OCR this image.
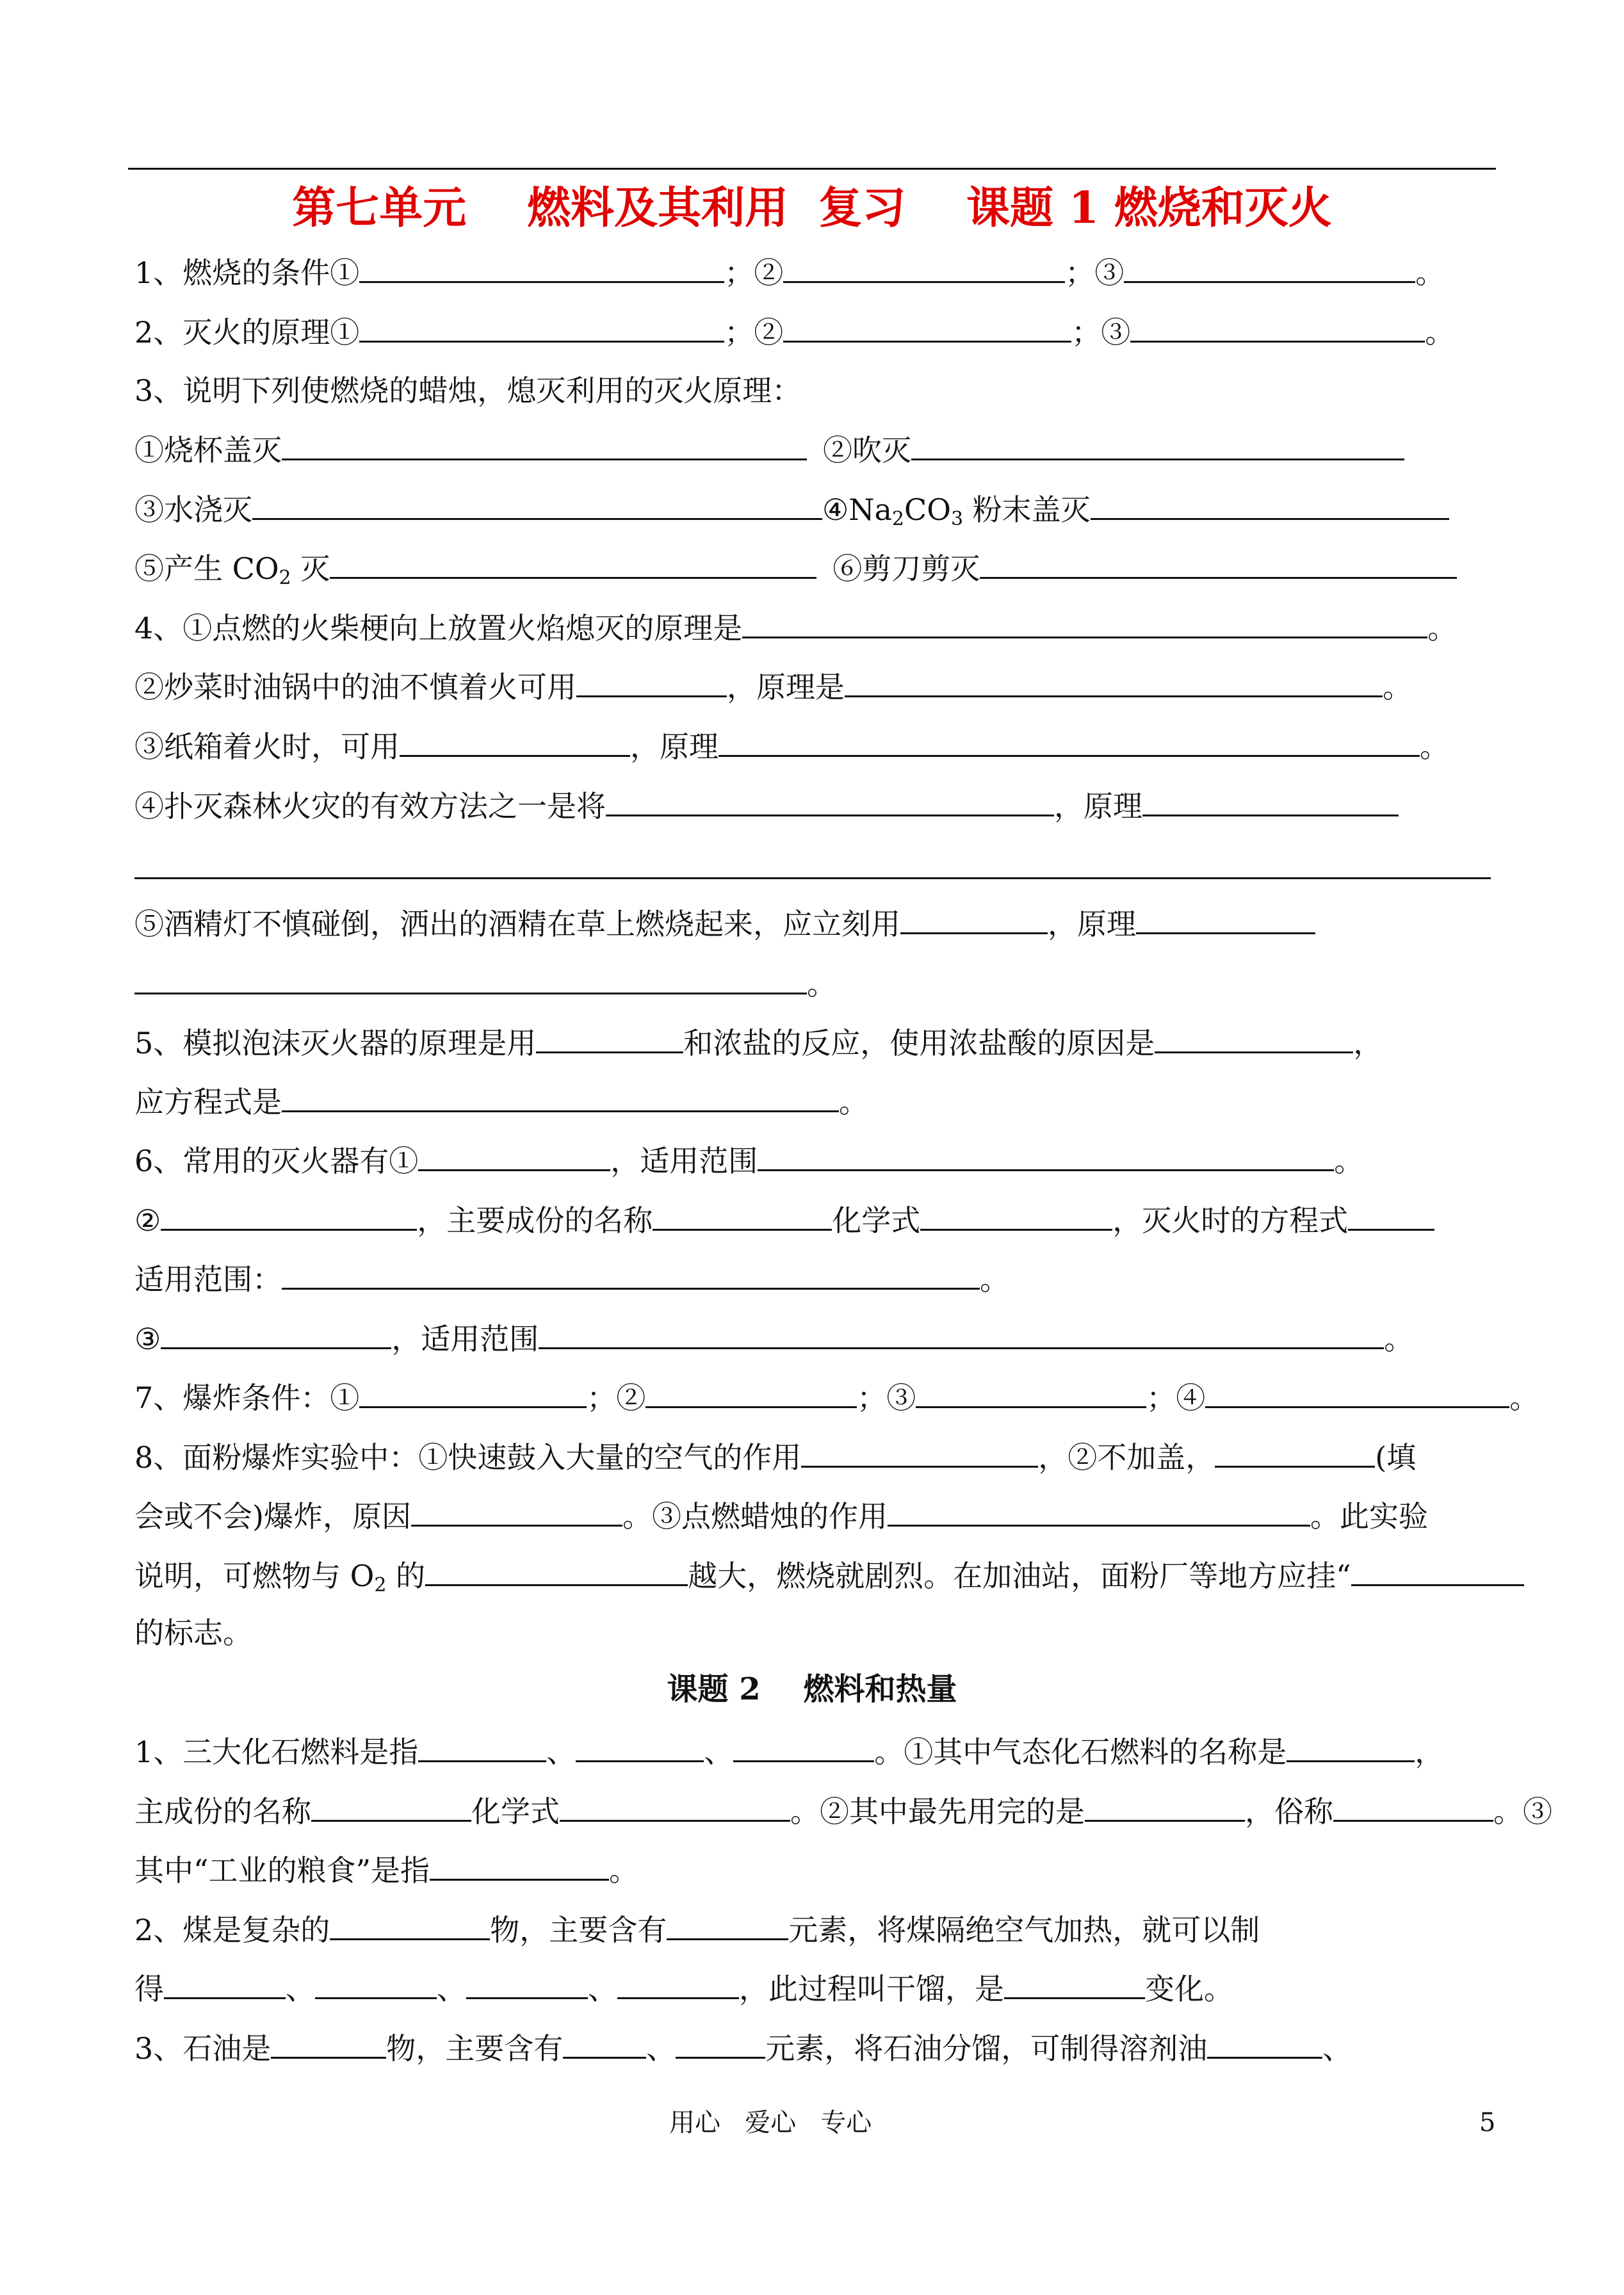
第七单元    燃料及其利用  复习    课题 1 燃烧和灭火
1、燃烧的条件①	；②	；③	。
2、灭火的原理①	；②	；③	。
3、说明下列使燃烧的蜡烛，熄灭利用的灭火原理：
①烧杯盖灭	②吹灭
③水浇灭	$④Na_2CO_3$ 粉末盖灭
⑤产生 $CO_2$ 灭	⑥剪刀剪灭
4、①点燃的火柴梗向上放置火焰熄灭的原理是	。
②炒菜时油锅中的油不慎着火可用	，原理是	。
③纸箱着火时，可用	，原理	。
④扑灭森林火灾的有效方法之一是将	，原理
⑤酒精灯不慎碰倒，洒出的酒精在草上燃烧起来，应立刻用	，原理
。
5、模拟泡沫灭火器的原理是用	和浓盐的反应，使用浓盐酸的原因是	，
应方程式是	。
6、常用的灭火器有①	，适用范围	。
②	，主要成份的名称	化学式	，灭火时的方程式
适用范围：	。
③	，适用范围	。
7、爆炸条件：①	；②	；③	；④	。
8、面粉爆炸实验中：①快速鼓入大量的空气的作用	，②不加盖，	(填
会或不会)爆炸，原因	。③点燃蜡烛的作用	。此实验
说明，可燃物与 $O_2$ 的	越大，燃烧就剧烈。在加油站，面粉厂等地方应挂“
的标志。
课题 2    燃料和热量
1、三大化石燃料是指	、	、	。①其中气态化石燃料的名称是	，
主成份的名称	化学式	。②其中最先用完的是	，俗称	。③
其中“工业的粮食”是指	。
2、煤是复杂的	物，主要含有	元素，将煤隔绝空气加热，就可以制
得	、	、	、	，此过程叫干馏，是	变化。
3、石油是	物，主要含有	、	元素，将石油分馏，可制得溶剂油	、
用心   爱心   专心	5
